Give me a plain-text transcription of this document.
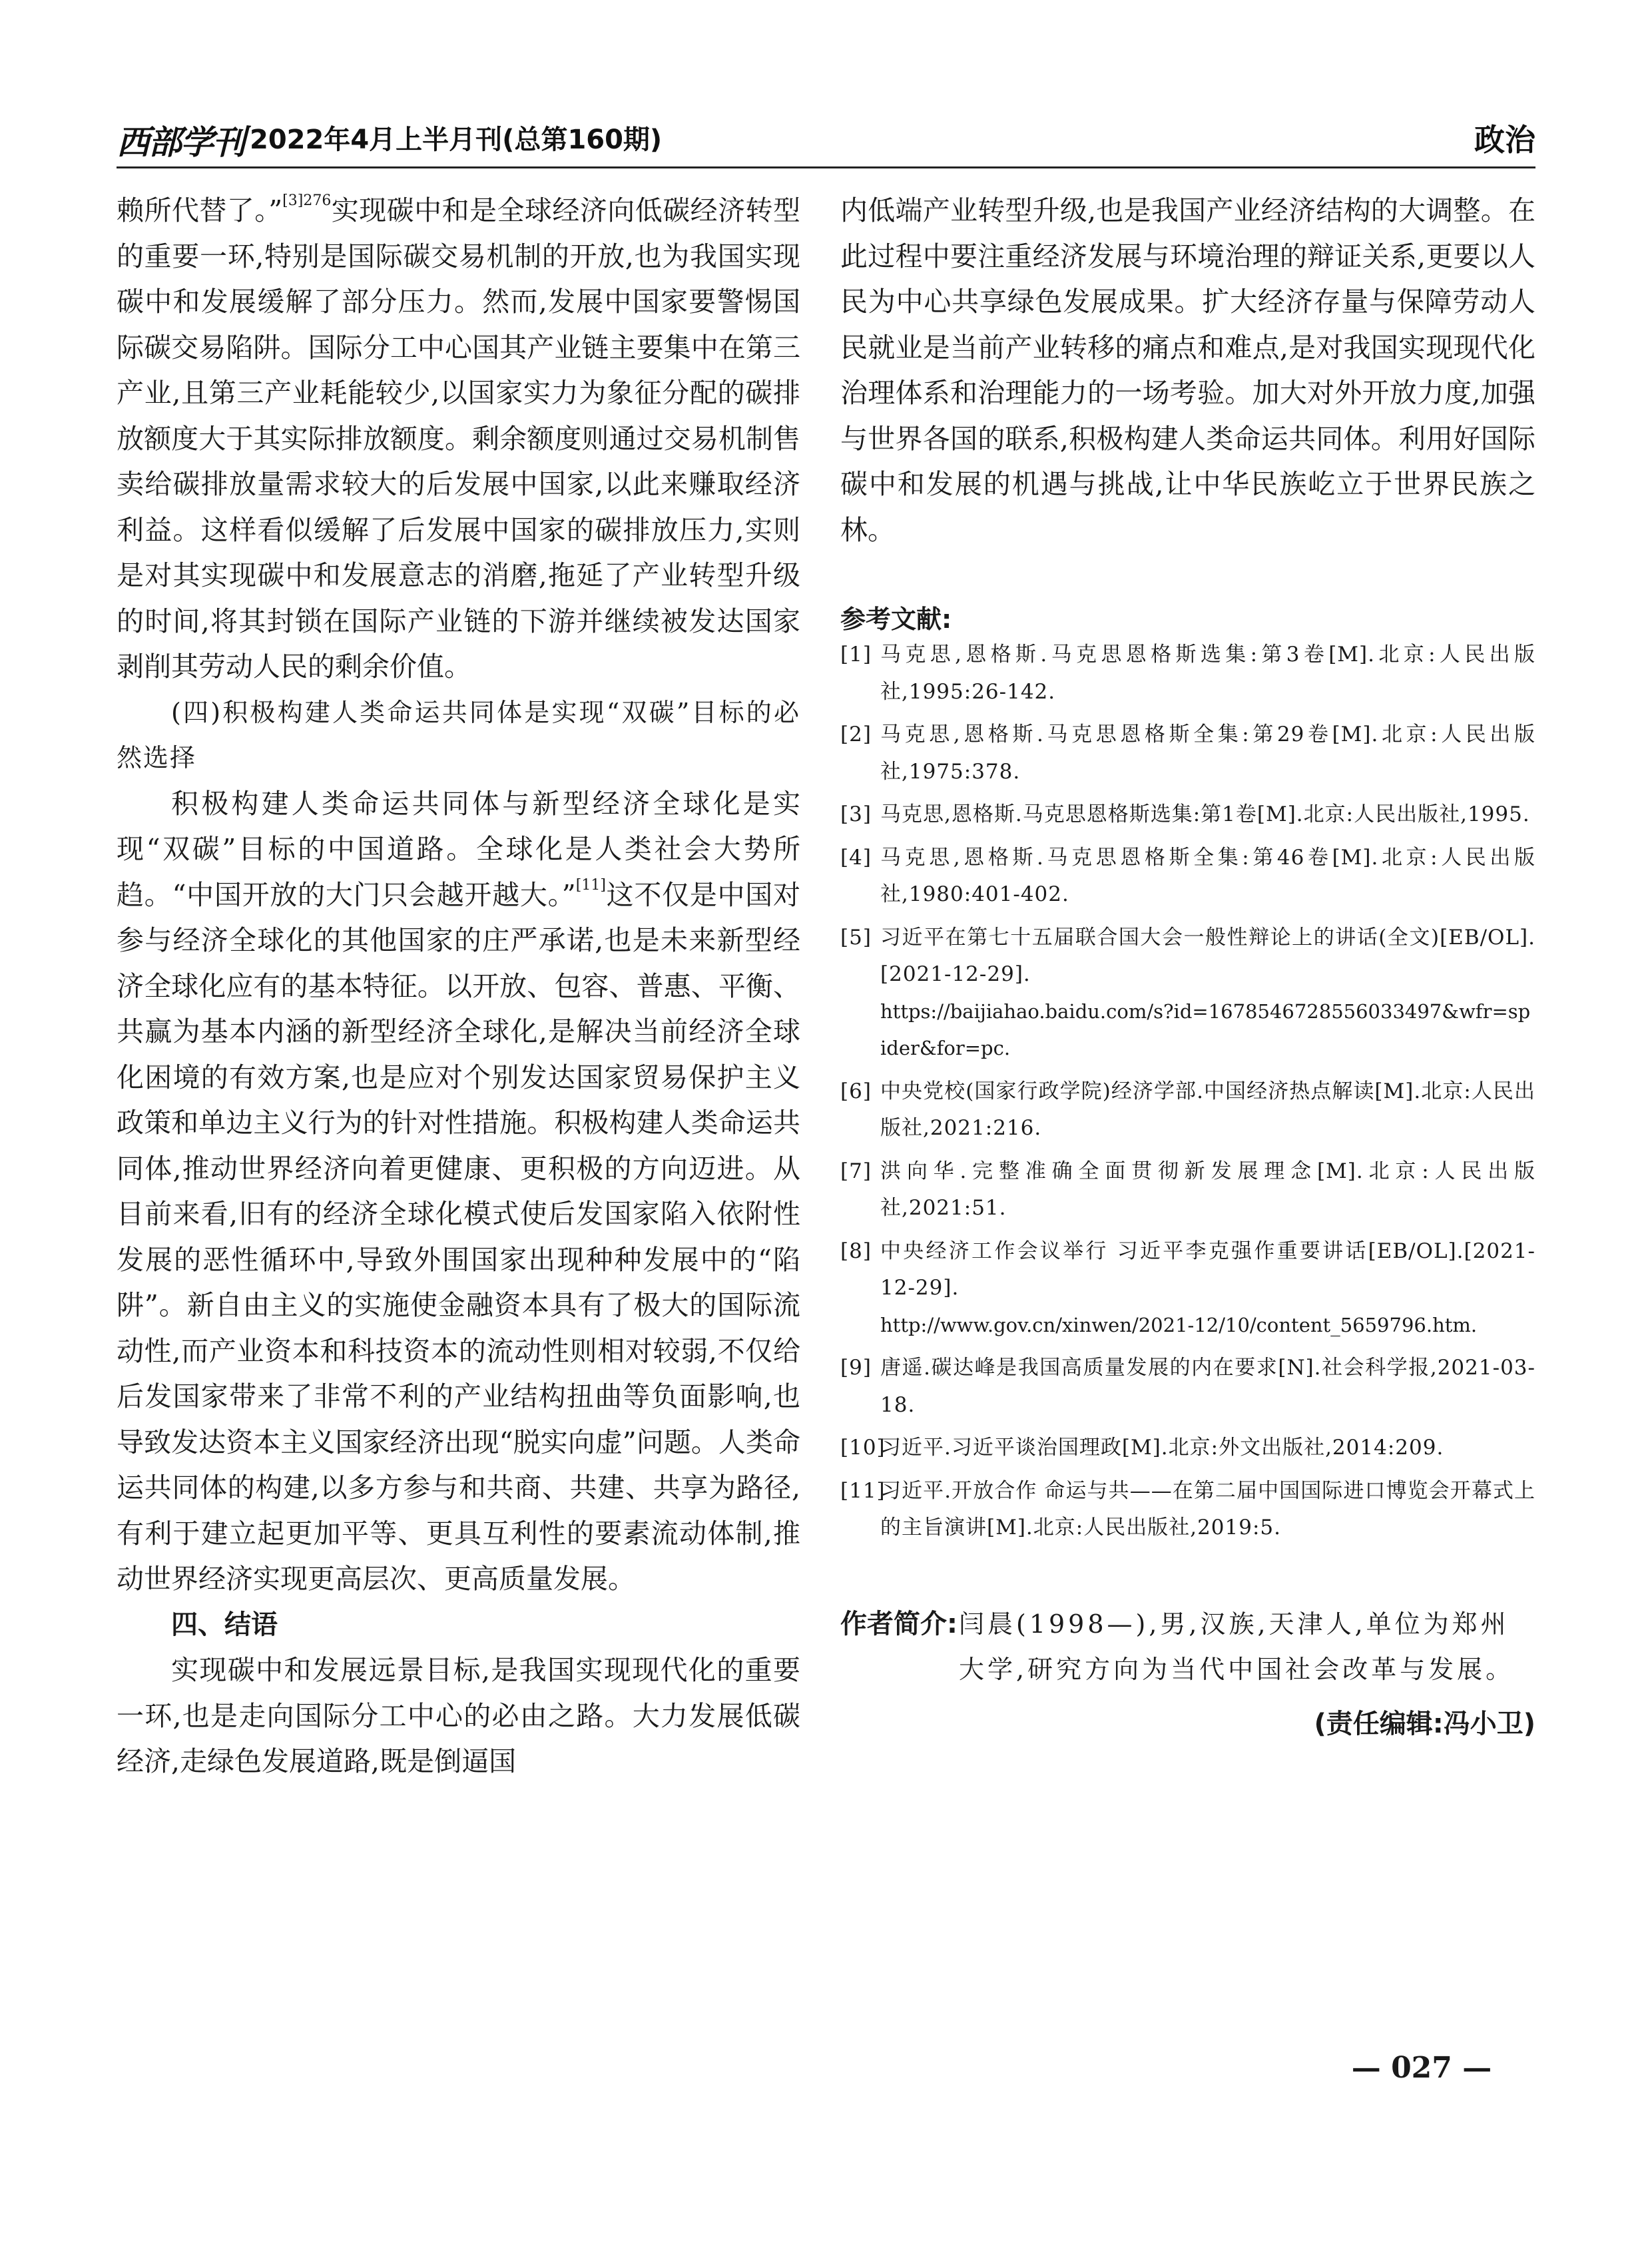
西部学刊 2022年4月上半月刊(总第160期)	政治

赖所代替了。”$^{[3]276}$实现碳中和是全球经济向低碳经济转型的重要一环,特别是国际碳交易机制的开放,也为我国实现碳中和发展缓解了部分压力。然而,发展中国家要警惕国际碳交易陷阱。国际分工中心国其产业链主要集中在第三产业,且第三产业耗能较少,以国家实力为象征分配的碳排放额度大于其实际排放额度。剩余额度则通过交易机制售卖给碳排放量需求较大的后发展中国家,以此来赚取经济利益。这样看似缓解了后发展中国家的碳排放压力,实则是对其实现碳中和发展意志的消磨,拖延了产业转型升级的时间,将其封锁在国际产业链的下游并继续被发达国家剥削其劳动人民的剩余价值。

(四)积极构建人类命运共同体是实现“双碳”目标的必然选择

积极构建人类命运共同体与新型经济全球化是实现“双碳”目标的中国道路。全球化是人类社会大势所趋。“中国开放的大门只会越开越大。”[11]这不仅是中国对参与经济全球化的其他国家的庄严承诺,也是未来新型经济全球化应有的基本特征。以开放、包容、普惠、平衡、共赢为基本内涵的新型经济全球化,是解决当前经济全球化困境的有效方案,也是应对个别发达国家贸易保护主义政策和单边主义行为的针对性措施。积极构建人类命运共同体,推动世界经济向着更健康、更积极的方向迈进。从目前来看,旧有的经济全球化模式使后发国家陷入依附性发展的恶性循环中,导致外围国家出现种种发展中的“陷阱”。新自由主义的实施使金融资本具有了极大的国际流动性,而产业资本和科技资本的流动性则相对较弱,不仅给后发国家带来了非常不利的产业结构扭曲等负面影响,也导致发达资本主义国家经济出现“脱实向虚”问题。人类命运共同体的构建,以多方参与和共商、共建、共享为路径,有利于建立起更加平等、更具互利性的要素流动体制,推动世界经济实现更高层次、更高质量发展。

四、结语

实现碳中和发展远景目标,是我国实现现代化的重要一环,也是走向国际分工中心的必由之路。大力发展低碳经济,走绿色发展道路,既是倒逼国

内低端产业转型升级,也是我国产业经济结构的大调整。在此过程中要注重经济发展与环境治理的辩证关系,更要以人民为中心共享绿色发展成果。扩大经济存量与保障劳动人民就业是当前产业转移的痛点和难点,是对我国实现现代化治理体系和治理能力的一场考验。加大对外开放力度,加强与世界各国的联系,积极构建人类命运共同体。利用好国际碳中和发展的机遇与挑战,让中华民族屹立于世界民族之林。

参考文献:

[1] 马克思,恩格斯.马克思恩格斯选集:第3卷[M].北京:人民出版社,1995:26-142.
[2] 马克思,恩格斯.马克思恩格斯全集:第29卷[M].北京:人民出版社,1975:378.
[3] 马克思,恩格斯.马克思恩格斯选集:第1卷[M].北京:人民出版社,1995.
[4] 马克思,恩格斯.马克思恩格斯全集:第46卷[M].北京:人民出版社,1980:401-402.
[5] 习近平在第七十五届联合国大会一般性辩论上的讲话(全文)[EB/OL].[2021-12-29].
https://baijiahao.baidu.com/s?id=1678546728556033497&wfr=spider&for=pc.
[6] 中央党校(国家行政学院)经济学部.中国经济热点解读[M].北京:人民出版社,2021:216.
[7] 洪向华.完整准确全面贯彻新发展理念[M].北京:人民出版社,2021:51.
[8] 中央经济工作会议举行 习近平李克强作重要讲话[EB/OL].[2021-12-29].
http://www.gov.cn/xinwen/2021-12/10/content_5659796.htm.
[9] 唐遥.碳达峰是我国高质量发展的内在要求[N].社会科学报,2021-03-18.
[10]
习近平.习近平谈治国理政[M].北京:外文出版社,2014:209.
[11]
习近平.开放合作 命运与共——在第二届中国国际进口博览会开幕式上的主旨演讲[M].北京:人民出版社,2019:5.
作者简介: 闫晨(1998—),男,汉族,天津人,单位为郑州大学,研究方向为当代中国社会改革与发展。
(责任编辑:冯小卫)
— 027 —
